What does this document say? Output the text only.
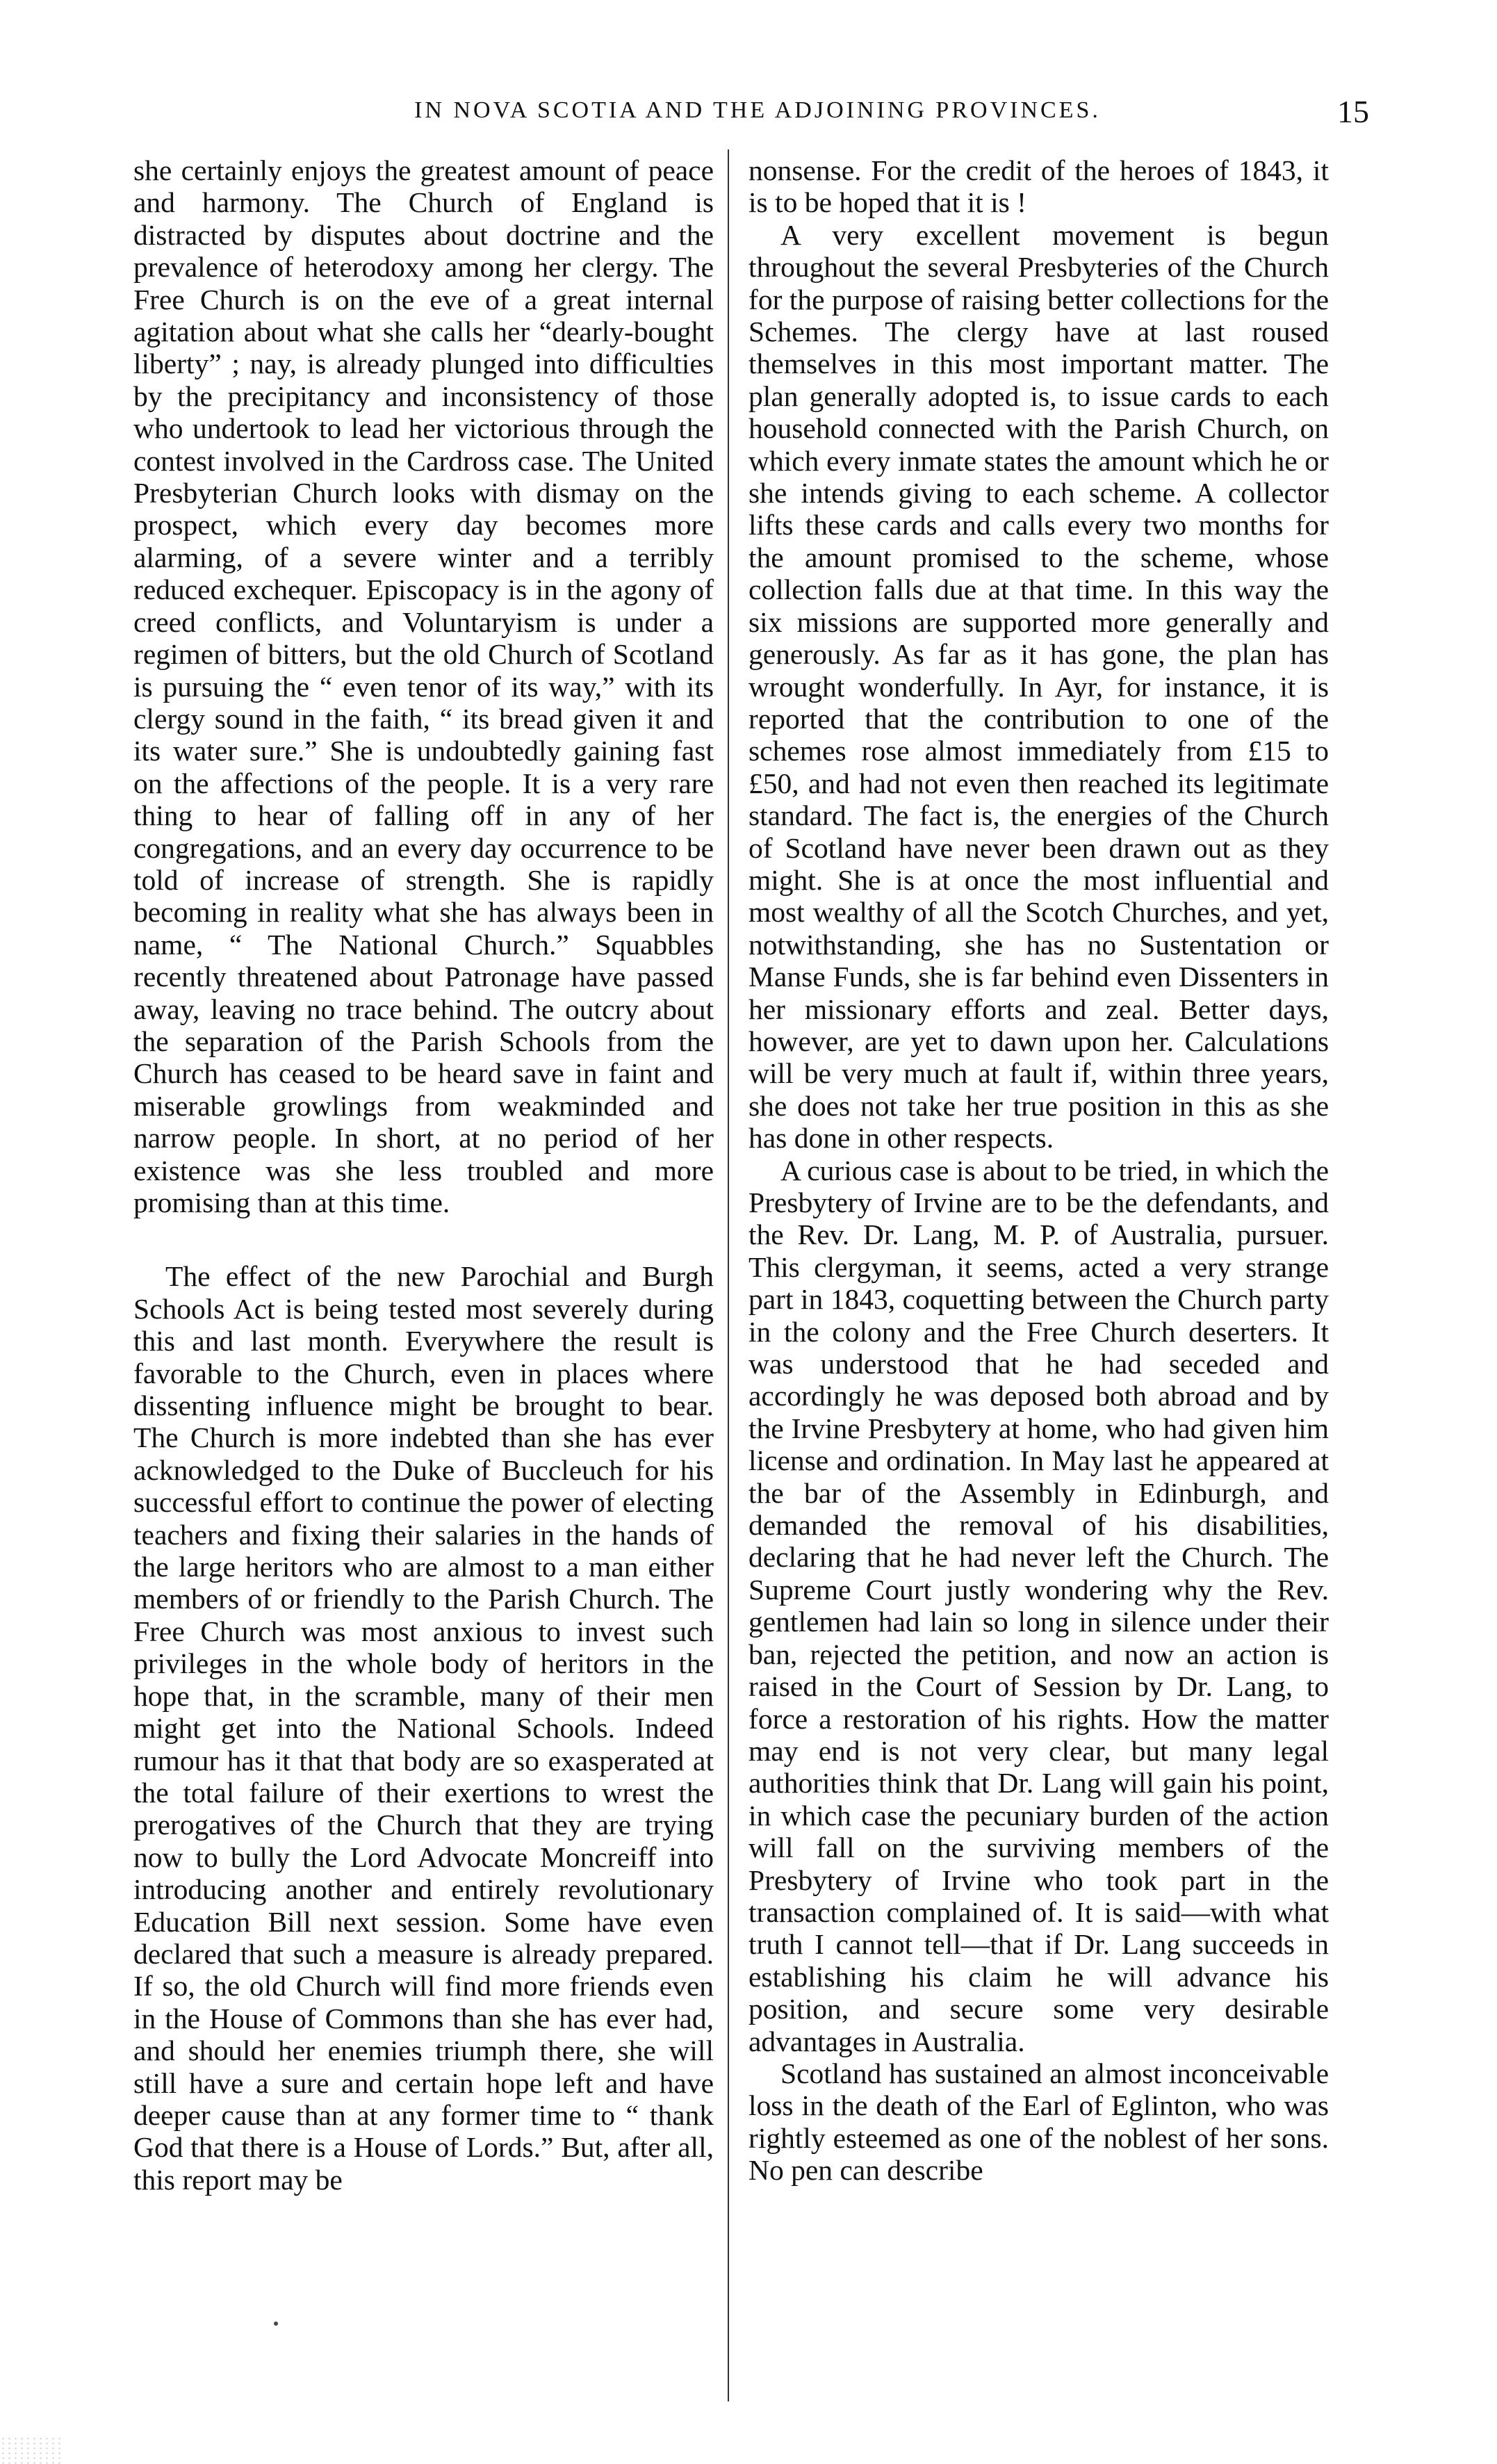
IN NOVA SCOTIA AND THE ADJOINING PROVINCES.	15

she certainly enjoys the greatest amount of peace and harmony. The Church of England is distracted by disputes about doctrine and the prevalence of heterodoxy among her clergy. The Free Church is on the eve of a great internal agitation about what she calls her “dearly-bought liberty” ; nay, is already plunged into difficulties by the precipitancy and inconsistency of those who undertook to lead her victorious through the contest involved in the Cardross case. The United Presbyterian Church looks with dismay on the prospect, which every day becomes more alarming, of a severe winter and a terribly reduced exchequer. Episcopacy is in the agony of creed conflicts, and Voluntaryism is under a regimen of bitters, but the old Church of Scotland is pursuing the “ even tenor of its way,” with its clergy sound in the faith, “ its bread given it and its water sure.” She is undoubtedly gaining fast on the affections of the people. It is a very rare thing to hear of falling off in any of her congregations, and an every day occurrence to be told of increase of strength. She is rapidly becoming in reality what she has always been in name, “ The National Church.” Squabbles recently threatened about Patronage have passed away, leaving no trace behind. The outcry about the separation of the Parish Schools from the Church has ceased to be heard save in faint and miserable growlings from weakminded and narrow people. In short, at no period of her existence was she less troubled and more promising than at this time.

The effect of the new Parochial and Burgh Schools Act is being tested most severely during this and last month. Everywhere the result is favorable to the Church, even in places where dissenting influence might be brought to bear. The Church is more indebted than she has ever acknowledged to the Duke of Buccleuch for his successful effort to continue the power of electing teachers and fixing their salaries in the hands of the large heritors who are almost to a man either members of or friendly to the Parish Church. The Free Church was most anxious to invest such privileges in the whole body of heritors in the hope that, in the scramble, many of their men might get into the National Schools. Indeed rumour has it that that body are so exasperated at the total failure of their exertions to wrest the prerogatives of the Church that they are trying now to bully the Lord Advocate Moncreiff into introducing another and entirely revolutionary Education Bill next session. Some have even declared that such a measure is already prepared. If so, the old Church will find more friends even in the House of Commons than she has ever had, and should her enemies triumph there, she will still have a sure and certain hope left and have deeper cause than at any former time to “ thank God that there is a House of Lords.” But, after all, this report may be

nonsense. For the credit of the heroes of 1843, it is to be hoped that it is !

A very excellent movement is begun throughout the several Presbyteries of the Church for the purpose of raising better collections for the Schemes. The clergy have at last roused themselves in this most important matter. The plan generally adopted is, to issue cards to each household connected with the Parish Church, on which every inmate states the amount which he or she intends giving to each scheme. A collector lifts these cards and calls every two months for the amount promised to the scheme, whose collection falls due at that time. In this way the six missions are supported more generally and generously. As far as it has gone, the plan has wrought wonderfully. In Ayr, for instance, it is reported that the contribution to one of the schemes rose almost immediately from £15 to £50, and had not even then reached its legitimate standard. The fact is, the energies of the Church of Scotland have never been drawn out as they might. She is at once the most influential and most wealthy of all the Scotch Churches, and yet, notwithstanding, she has no Sustentation or Manse Funds, she is far behind even Dissenters in her missionary efforts and zeal. Better days, however, are yet to dawn upon her. Calculations will be very much at fault if, within three years, she does not take her true position in this as she has done in other respects.

A curious case is about to be tried, in which the Presbytery of Irvine are to be the defendants, and the Rev. Dr. Lang, M. P. of Australia, pursuer. This clergyman, it seems, acted a very strange part in 1843, coquetting between the Church party in the colony and the Free Church deserters. It was understood that he had seceded and accordingly he was deposed both abroad and by the Irvine Presbytery at home, who had given him license and ordination. In May last he appeared at the bar of the Assembly in Edinburgh, and demanded the removal of his disabilities, declaring that he had never left the Church. The Supreme Court justly wondering why the Rev. gentlemen had lain so long in silence under their ban, rejected the petition, and now an action is raised in the Court of Session by Dr. Lang, to force a restoration of his rights. How the matter may end is not very clear, but many legal authorities think that Dr. Lang will gain his point, in which case the pecuniary burden of the action will fall on the surviving members of the Presbytery of Irvine who took part in the transaction complained of. It is said—with what truth I cannot tell—that if Dr. Lang succeeds in establishing his claim he will advance his position, and secure some very desirable advantages in Australia.

Scotland has sustained an almost inconceivable loss in the death of the Earl of Eglinton, who was rightly esteemed as one of the noblest of her sons. No pen can describe
